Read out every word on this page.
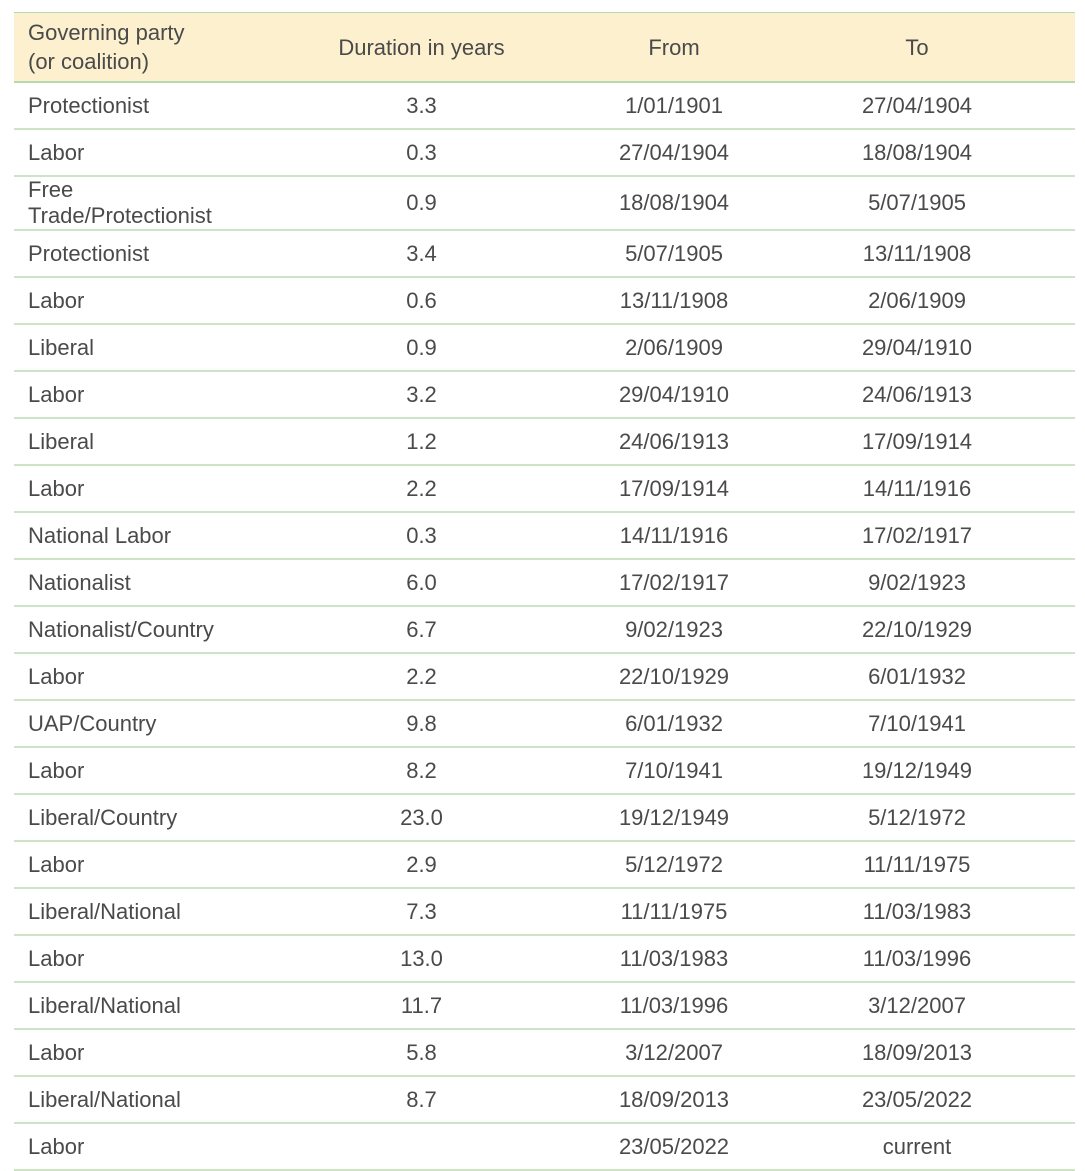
Governing party
(or coalition)	Duration in years	From	To
Protectionist	3.3	1/01/1901	27/04/1904
Labor	0.3	27/04/1904	18/08/1904
Free Trade/Protectionist	0.9	18/08/1904	5/07/1905
Protectionist	3.4	5/07/1905	13/11/1908
Labor	0.6	13/11/1908	2/06/1909
Liberal	0.9	2/06/1909	29/04/1910
Labor	3.2	29/04/1910	24/06/1913
Liberal	1.2	24/06/1913	17/09/1914
Labor	2.2	17/09/1914	14/11/1916
National Labor	0.3	14/11/1916	17/02/1917
Nationalist	6.0	17/02/1917	9/02/1923
Nationalist/Country	6.7	9/02/1923	22/10/1929
Labor	2.2	22/10/1929	6/01/1932
UAP/Country	9.8	6/01/1932	7/10/1941
Labor	8.2	7/10/1941	19/12/1949
Liberal/Country	23.0	19/12/1949	5/12/1972
Labor	2.9	5/12/1972	11/11/1975
Liberal/National	7.3	11/11/1975	11/03/1983
Labor	13.0	11/03/1983	11/03/1996
Liberal/National	11.7	11/03/1996	3/12/2007
Labor	5.8	3/12/2007	18/09/2013
Liberal/National	8.7	18/09/2013	23/05/2022
Labor		23/05/2022	current
